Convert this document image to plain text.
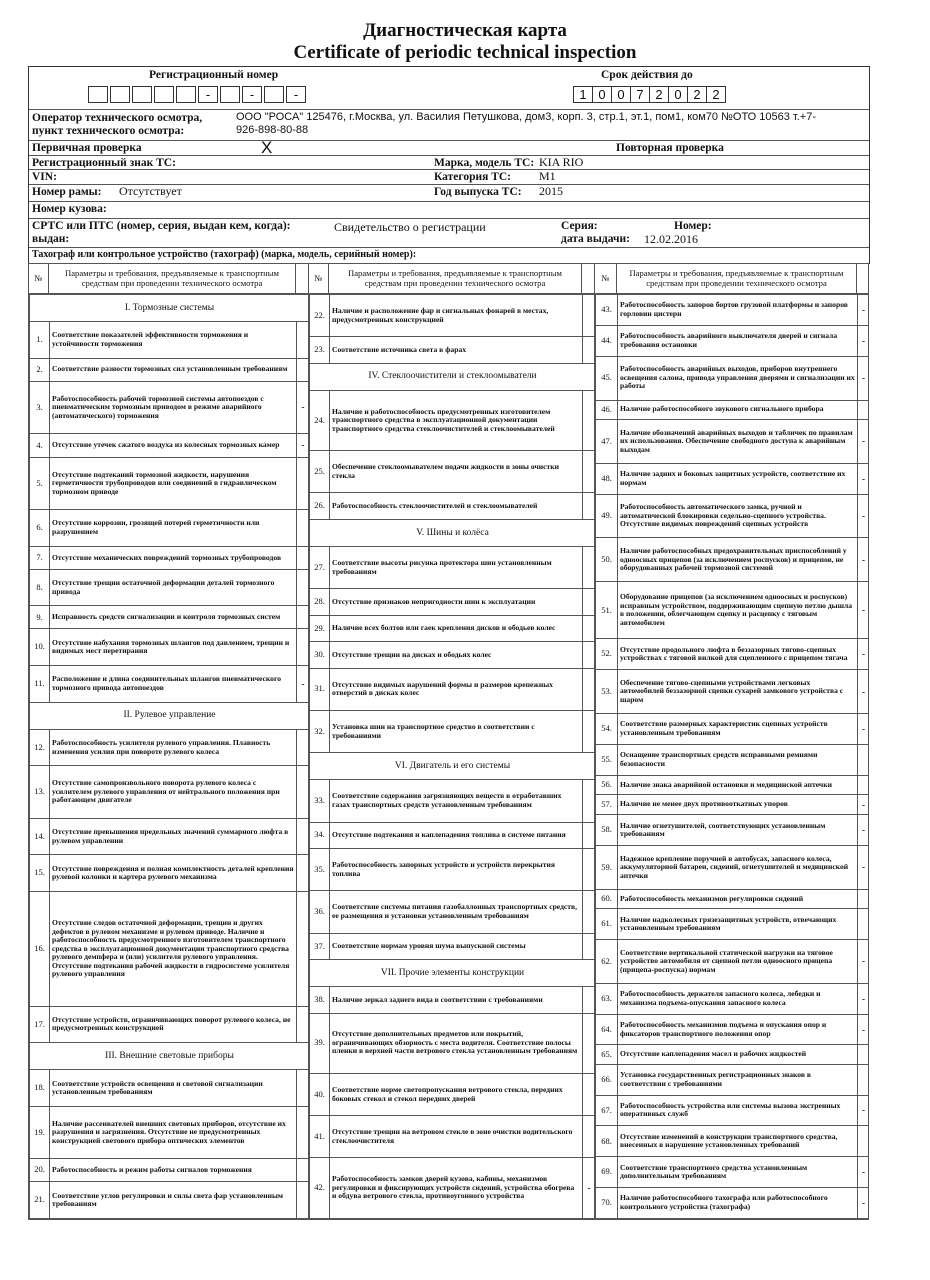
Диагностическая карта
Certificate of periodic technical inspection
Регистрационный номер	Срок действия до
Оператор технического осмотра, пункт технического осмотра:
ООО "РОСА" 125476, г.Москва, ул. Василия Петушкова, дом3, корп. 3, стр.1, эт.1, пом1, ком70 №ОТО 10563 т.+7-926-898-80-88
Первичная проверка	X	Повторная проверка
Регистрационный знак ТС:	Марка, модель ТС: KIA RIO
VIN:	Категория ТС: M1
Номер рамы: Отсутствует	Год выпуска ТС: 2015
Номер кузова:
СРТС или ПТС (номер, серия, выдан кем, когда):
выдан:
Свидетельство о регистрации	Серия:	Номер:
дата выдачи: 12.02.2016
Тахограф или контрольное устройство (тахограф) (марка, модель, серийный номер):
-	-	-	1 0 0 7 2 0 2 2
№	Параметры и требования, предъявляемые к транспортным средствам при проведении технического осмотра		№	Параметры и требования, предъявляемые к транспортным средствам при проведении технического осмотра		№	Параметры и требования, предъявляемые к транспортным средствам при проведении технического осмотра	

I. Тормозные системы
1.	Соответствие показателей эффективности торможения и устойчивости торможения	
2.	Соответствие разности тормозных сил установленным требованиям	
3.	Работоспособность рабочей тормозной системы автопоездов с пневматическим тормозным приводом в режиме аварийного (автоматического) торможения	-
4.	Отсутствие утечек сжатого воздуха из колесных тормозных камер	-
5.	Отсутствие подтеканий тормозной жидкости, нарушения герметичности трубопроводов или соединений в гидравлическом тормозном приводе	
6.	Отсутствие коррозии, грозящей потерей герметичности или разрушением	
7.	Отсутствие механических повреждений тормозных трубопроводов	
8.	Отсутствие трещин остаточной деформации деталей тормозного привода	
9.	Исправность средств сигнализации и контроля тормозных систем	
10.	Отсутствие набухания тормозных шлангов под давлением, трещин и видимых мест перетирания	
11.	Расположение и длина соединительных шлангов пневматического тормозного привода автопоездов	-
II. Рулевое управление
12.	Работоспособность усилителя рулевого управления. Плавность изменения усилия при повороте рулевого колеса	
13.	Отсутствие самопроизвольного поворота рулевого колеса с усилителем рулевого управления от нейтрального положения при работающем двигателе	
14.	Отсутствие превышения предельных значений суммарного люфта в рулевом управлении	
15.	Отсутствие повреждения и полная комплектность деталей крепления рулевой колонки и картера рулевого механизма	
16.	Отсутствие следов остаточной деформации, трещин и других дефектов в рулевом механизме и рулевом приводе. Наличие и работоспособность предусмотренного изготовителем транспортного средства в эксплуатационной документации транспортного средства рулевого демпфера и (или) усилителя рулевого управления. Отсутствие подтекания рабочей жидкости в гидросистеме усилителя рулевого управления	
17.	Отсутствие устройств, ограничивающих поворот рулевого колеса, не предусмотренных конструкцией	
III. Внешние световые приборы
18.	Соответствие устройств освещения и световой сигнализации установленным требованиям	
19.	Наличие рассеивателей внешних световых приборов, отсутствие их разрушения и загрязнения. Отсутствие не предусмотренных конструкцией светового прибора оптических элементов	
20.	Работоспособность и режим работы сигналов торможения	
21.	Соответствие углов регулировки и силы света фар установленным требованиям	

22.	Наличие и расположение фар и сигнальных фонарей в местах, предусмотренных конструкцией	
23.	Соответствие источника света в фарах	
IV. Стеклоочистители и стеклоомыватели
24.	Наличие и работоспособность предусмотренных изготовителем транспортного средства в эксплуатационной документации транспортного средства стеклоочистителей и стеклоомывателей	
25.	Обеспечение стеклоомывателем подачи жидкости в зоны очистки стекла	
26.	Работоспособность стеклоочистителей и стеклоомывателей	
V. Шины и колёса
27.	Соответствие высоты рисунка протектора шин установленным требованиям	
28.	Отсутствие признаков непригодности шин к эксплуатации	
29.	Наличие всех болтов или гаек крепления дисков и ободьев колес	
30.	Отсутствие трещин на дисках и ободьях колес	
31.	Отсутствие видимых нарушений формы и размеров крепежных отверстий в дисках колес	
32.	Установка шин на транспортное средство в соответствии с требованиями	
VI. Двигатель и его системы
33.	Соответствие содержания загрязняющих веществ в отработавших газах транспортных средств установленным требованиям	
34.	Отсутствие подтекания и каплепадения топлива в системе питания	
35.	Работоспособность запорных устройств и устройств перекрытия топлива	
36.	Соответствие системы питания газобаллонных транспортных средств, ее размещения и установки установленным требованиям	
37.	Соответствие нормам уровня шума выпускной системы	
VII. Прочие элементы конструкции
38.	Наличие зеркал заднего вида в соответствии с требованиями	
39.	Отсутствие дополнительных предметов или покрытий, ограничивающих обзорность с места водителя. Соответствие полосы пленки в верхней части ветрового стекла установленным требованиям	
40.	Соответствие норме светопропускания ветрового стекла, передних боковых стекол и стекол передних дверей	
41.	Отсутствие трещин на ветровом стекле в зоне очистки водительского стеклоочистителя	
42.	Работоспособность замков дверей кузова, кабины, механизмов регулировки и фиксирующих устройств сидений, устройства обогрева и обдува ветрового стекла, противоугонного устройства	-

43.	Работоспособность запоров бортов грузовой платформы и запоров горловин цистерн	-
44.	Работоспособность аварийного выключателя дверей и сигнала требования остановки	-
45.	Работоспособность аварийных выходов, приборов внутреннего освещения салона, привода управления дверями и сигнализации их работы	-
46.	Наличие работоспособного звукового сигнального прибора	
47.	Наличие обозначений аварийных выходов и табличек по правилам их использования. Обеспечение свободного доступа к аварийным выходам	-
48.	Наличие задних и боковых защитных устройств, соответствие их нормам	-
49.	Работоспособность автоматического замка, ручной и автоматической блокировки седельно-сцепного устройства. Отсутствие видимых повреждений сцепных устройств	-
50.	Наличие работоспособных предохранительных приспособлений у одноосных прицепов (за исключением роспусков) и прицепов, не оборудованных рабочей тормозной системой	-
51.	Оборудование прицепов (за исключением одноосных и роспусков) исправным устройством, поддерживающим сцепную петлю дышла в положении, облегчающем сцепку и расцепку с тяговым автомобилем	-
52.	Отсутствие продольного люфта в беззазорных тягово-сцепных устройствах с тяговой вилкой для сцепленного с прицепом тягача	-
53.	Обеспечение тягово-сцепными устройствами легковых автомобилей беззазорной сцепки сухарей замкового устройства с шаром	-
54.	Соответствие размерных характеристик сцепных устройств установленным требованиям	-
55.	Оснащение транспортных средств исправными ремнями безопасности	
56.	Наличие знака аварийной остановки и медицинской аптечки	
57.	Наличие не менее двух противооткатных упоров	-
58.	Наличие огнетушителей, соответствующих установленным требованиям	-
59.	Надежное крепление поручней в автобусах, запасного колеса, аккумуляторной батареи, сидений, огнетушителей и медицинской аптечки	-
60.	Работоспособность механизмов регулировки сидений	
61.	Наличие надколесных грязезащитных устройств, отвечающих установленным требованиям	
62.	Соответствие вертикальной статической нагрузки на тяговое устройство автомобиля от сцепной петли одноосного прицепа (прицепа-роспуска) нормам	-
63.	Работоспособность держателя запасного колеса, лебедки и механизма подъема-опускания запасного колеса	-
64.	Работоспособность механизмов подъема и опускания опор и фиксаторов транспортного положения опор	-
65.	Отсутствие каплепадения масел и рабочих жидкостей	
66.	Установка государственных регистрационных знаков в соответствии с требованиями	
67.	Работоспособность устройства или системы вызова экстренных оперативных служб	-
68.	Отсутствие изменений в конструкции транспортного средства, внесенных в нарушение установленных требований	
69.	Соответствие транспортного средства установленным дополнительным требованиям	-
70.	Наличие работоспособного тахографа или работоспособного контрольного устройства (тахографа)	-
